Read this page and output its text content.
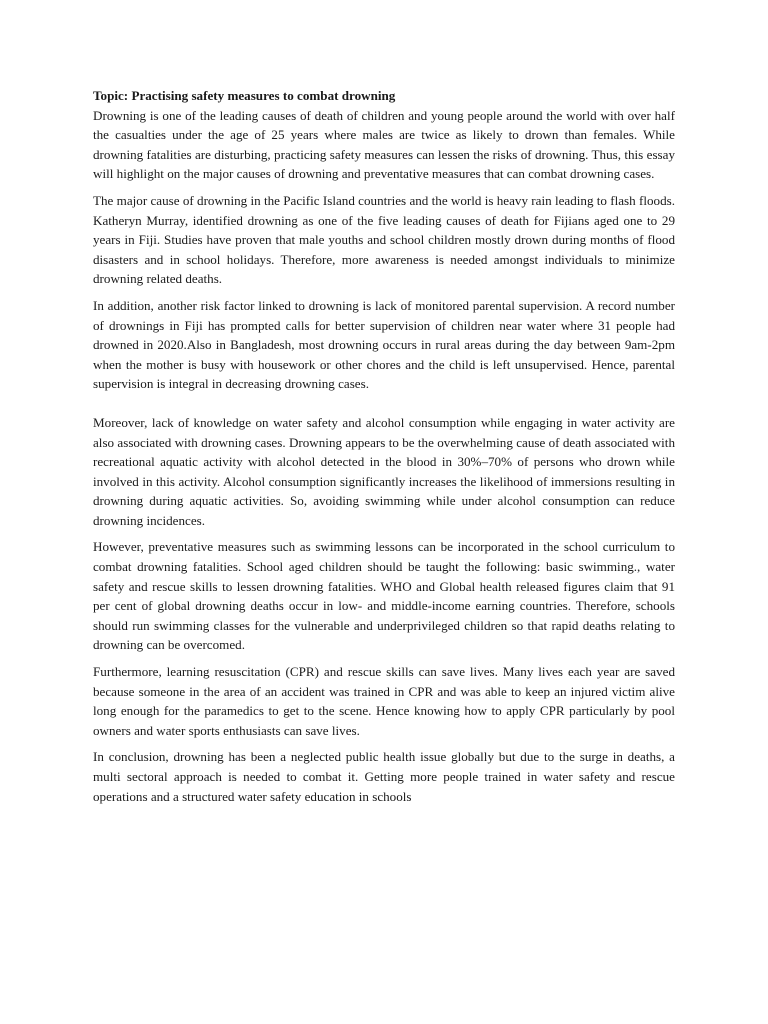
Topic: Practising safety measures to combat drowning

Drowning is one of the leading causes of death of children and young people around the world with over half the casualties under the age of 25 years where males are twice as likely to drown than females. While drowning fatalities are disturbing, practicing safety measures can lessen the risks of drowning. Thus, this essay will highlight on the major causes of drowning and preventative measures that can combat drowning cases.

The major cause of drowning in the Pacific Island countries and the world is heavy rain leading to flash floods. Katheryn Murray, identified drowning as one of the five leading causes of death for Fijians aged one to 29 years in Fiji. Studies have proven that male youths and school children mostly drown during months of flood disasters and in school holidays. Therefore, more awareness is needed amongst individuals to minimize drowning related deaths.

In addition, another risk factor linked to drowning is lack of monitored parental supervision. A record number of drownings in Fiji has prompted calls for better supervision of children near water where 31 people had drowned in 2020.Also in Bangladesh, most drowning occurs in rural areas during the day between 9am-2pm when the mother is busy with housework or other chores and the child is left unsupervised. Hence, parental supervision is integral in decreasing drowning cases.

Moreover, lack of knowledge on water safety and alcohol consumption while engaging in water activity are also associated with drowning cases. Drowning appears to be the overwhelming cause of death associated with recreational aquatic activity with alcohol detected in the blood in 30%–70% of persons who drown while involved in this activity. Alcohol consumption significantly increases the likelihood of immersions resulting in drowning during aquatic activities. So, avoiding swimming while under alcohol consumption can reduce drowning incidences.

However, preventative measures such as swimming lessons can be incorporated in the school curriculum to combat drowning fatalities. School aged children should be taught the following: basic swimming., water safety and rescue skills to lessen drowning fatalities. WHO and Global health released figures claim that 91 per cent of global drowning deaths occur in low- and middle-income earning countries. Therefore, schools should run swimming classes for the vulnerable and underprivileged children so that rapid deaths relating to drowning can be overcomed.

Furthermore, learning resuscitation (CPR) and rescue skills can save lives. Many lives each year are saved because someone in the area of an accident was trained in CPR and was able to keep an injured victim alive long enough for the paramedics to get to the scene. Hence knowing how to apply CPR particularly by pool owners and water sports enthusiasts can save lives.

In conclusion, drowning has been a neglected public health issue globally but due to the surge in deaths, a multi sectoral approach is needed to combat it. Getting more people trained in water safety and rescue operations and a structured water safety education in schools
